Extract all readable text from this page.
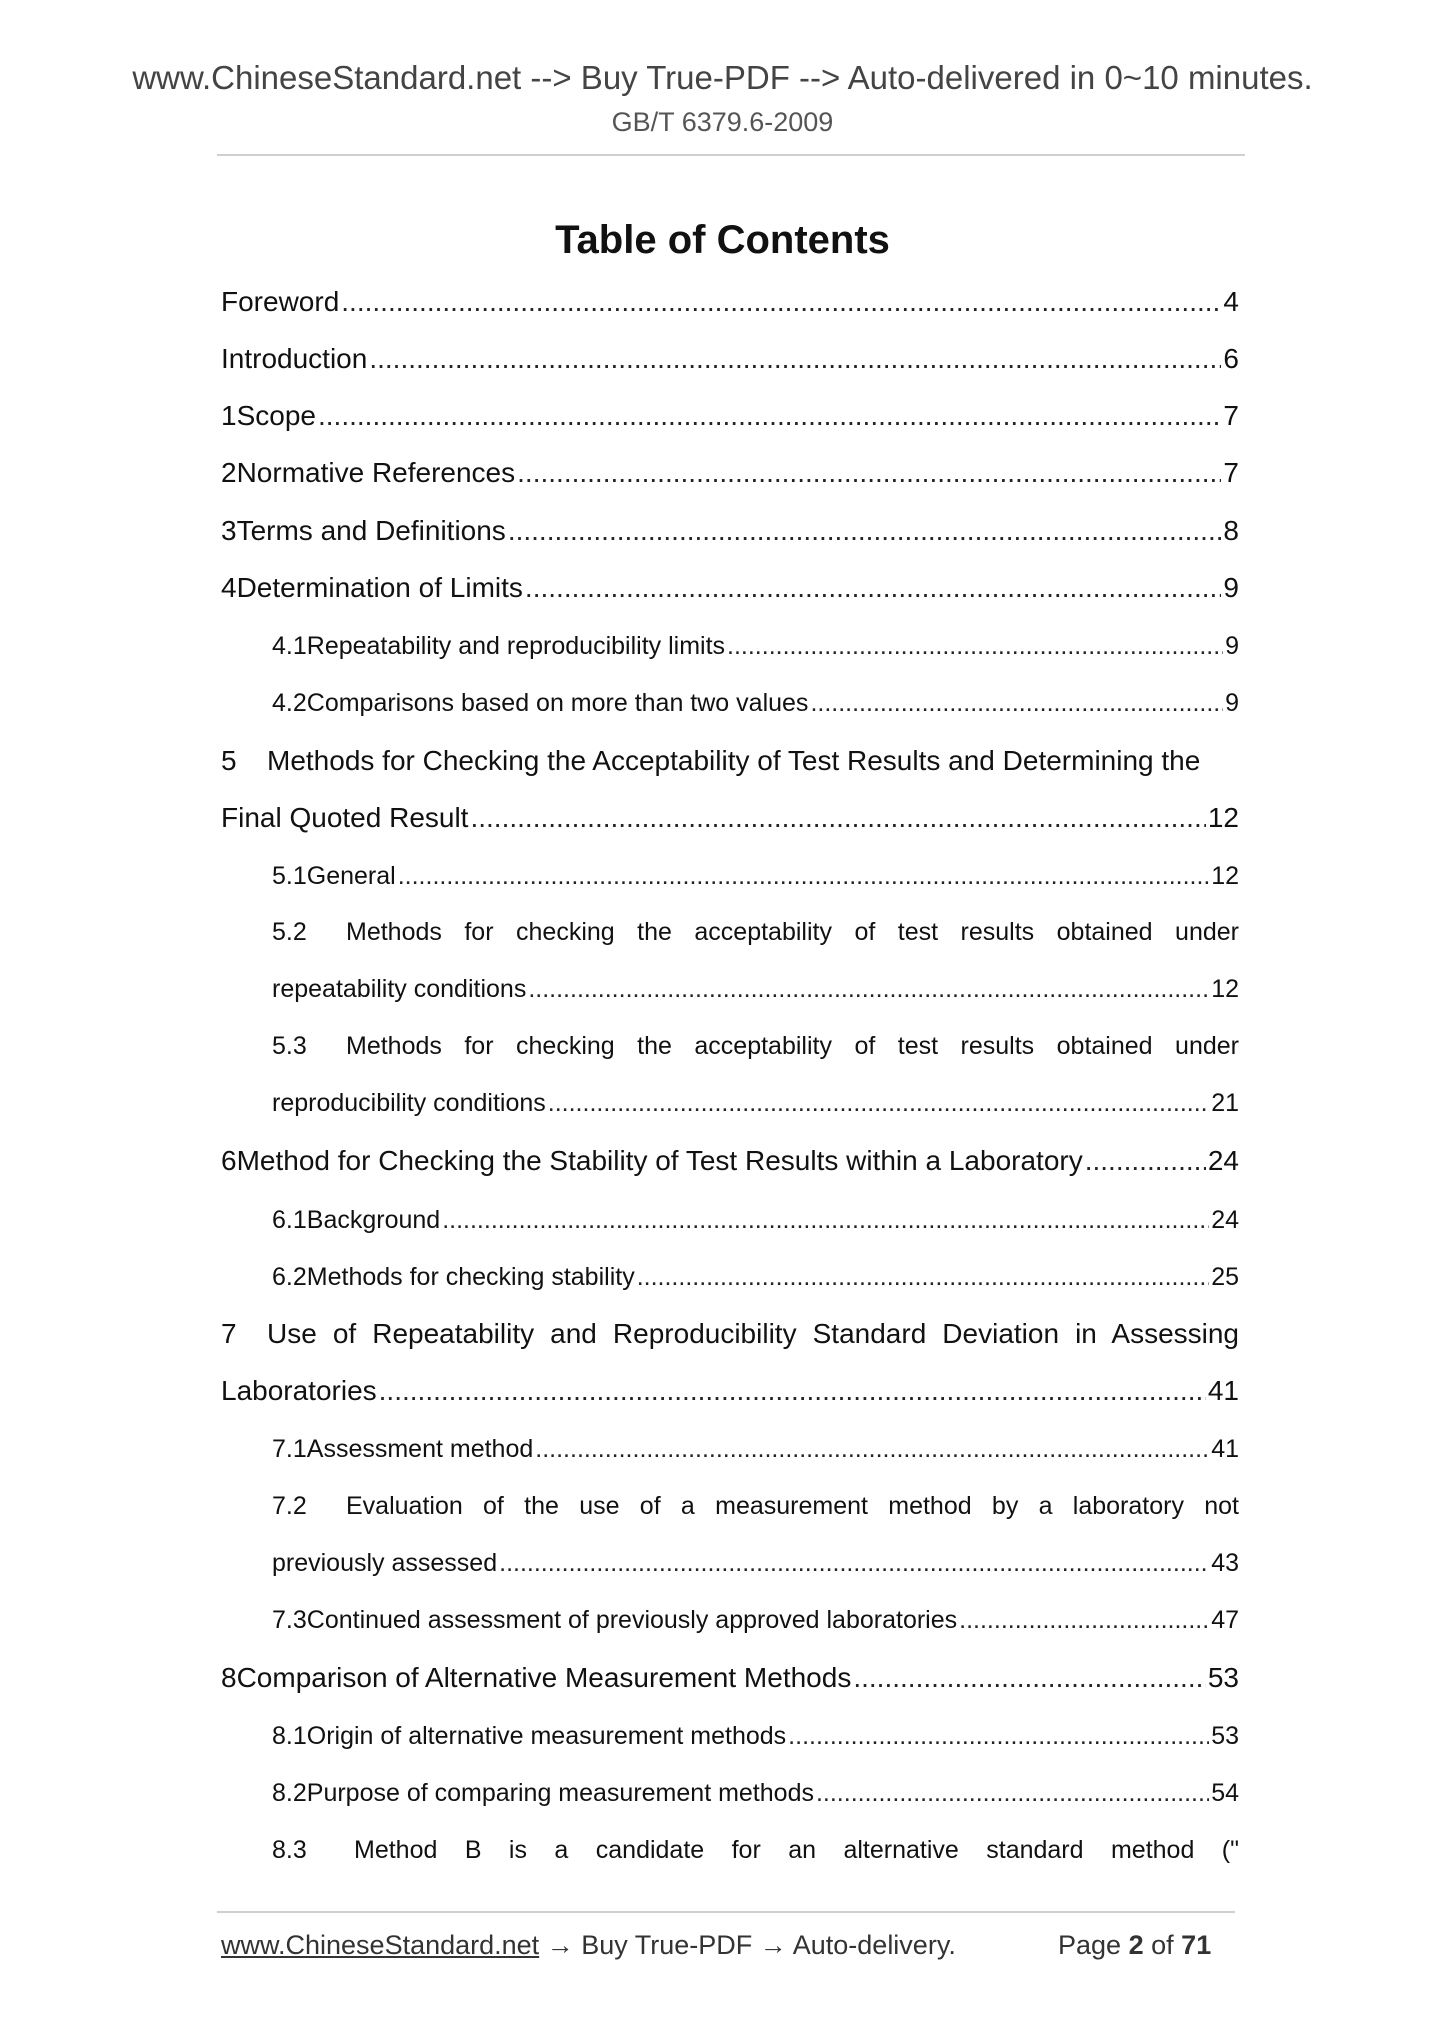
www.ChineseStandard.net --> Buy True-PDF --> Auto-delivered in 0~10 minutes.
GB/T 6379.6-2009
Table of Contents
Foreword .....	4
Introduction .....	6
1 Scope .....	7
2 Normative References .....	7
3 Terms and Definitions .....	8
4 Determination of Limits .....	9
4.1 Repeatability and reproducibility limits .....	9
4.2 Comparisons based on more than two values .....	9
5	Methods for Checking the Acceptability of Test Results and Determining the
Final Quoted Result .....	12
5.1 General .....	12
5.2	Methods for checking the acceptability of test results obtained under
repeatability conditions .....	12
5.3	Methods for checking the acceptability of test results obtained under
reproducibility conditions .....	21
6 Method for Checking the Stability of Test Results within a Laboratory .....	24
6.1 Background .....	24
6.2 Methods for checking stability .....	25
7	Use of Repeatability and Reproducibility Standard Deviation in Assessing
Laboratories .....	41
7.1 Assessment method .....	41
7.2	Evaluation of the use of a measurement method by a laboratory not
previously assessed .....	43
7.3 Continued assessment of previously approved laboratories .....	47
8 Comparison of Alternative Measurement Methods .....	53
8.1 Origin of alternative measurement methods .....	53
8.2 Purpose of comparing measurement methods .....	54
8.3	Method B is a candidate for an alternative standard method ("
www.ChineseStandard.net → Buy True-PDF → Auto-delivery.	Page 2 of 71
